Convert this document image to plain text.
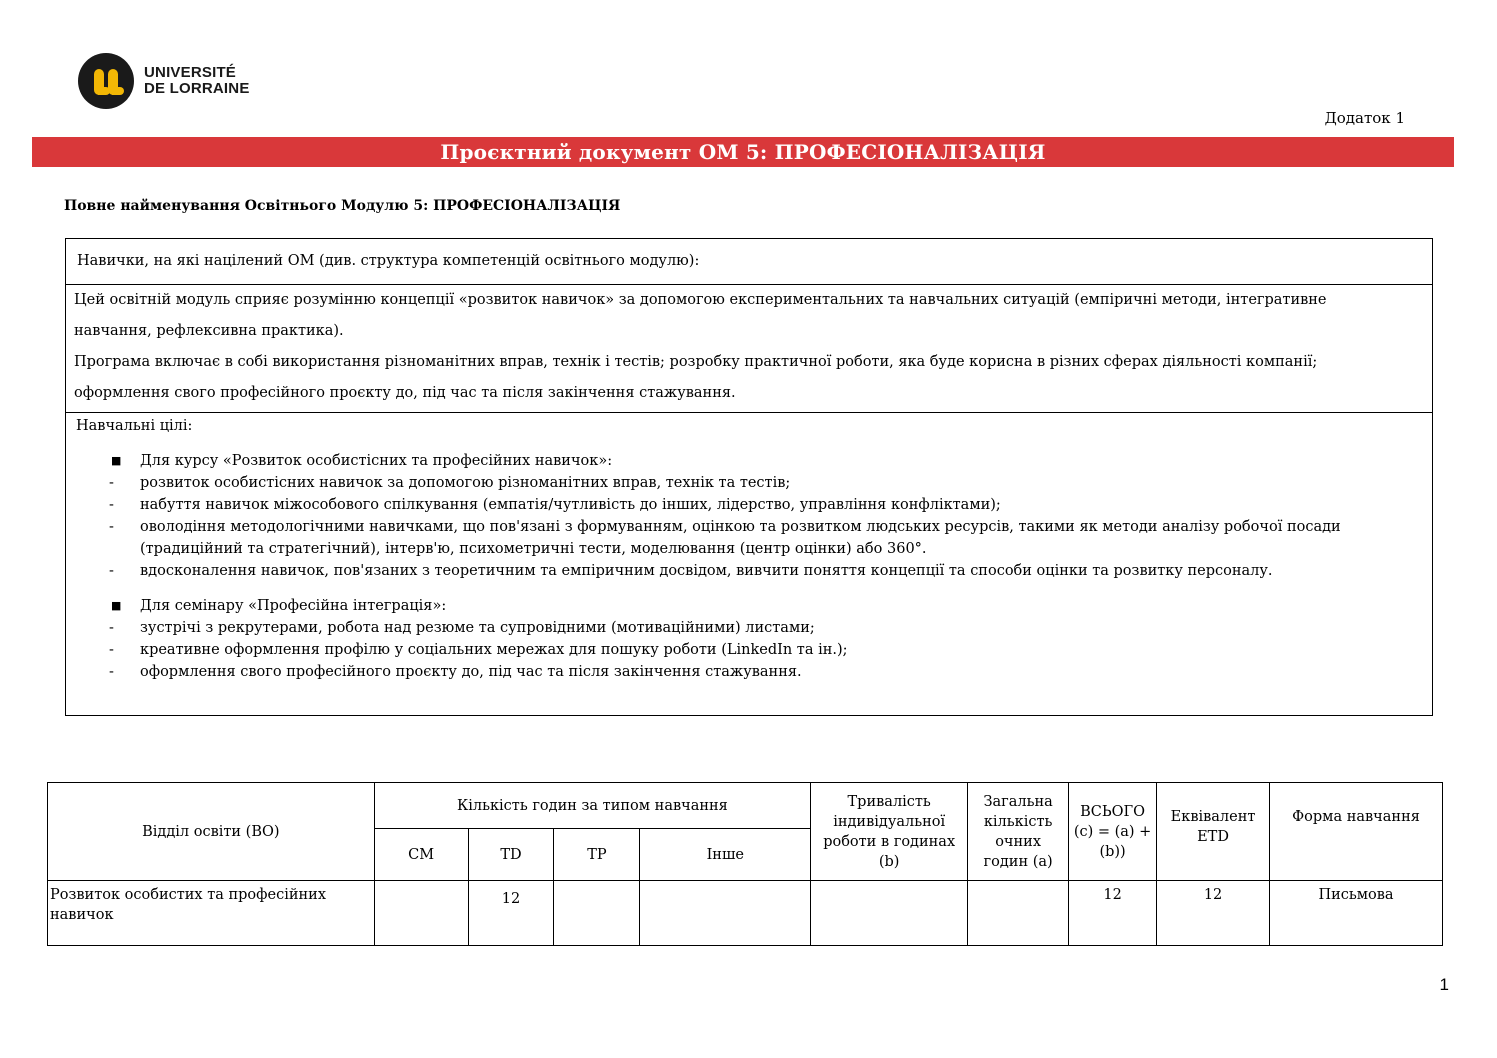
UNIVERSITÉ
DE LORRAINE
Додаток 1
Проєктний документ ОМ 5: ПРОФЕСІОНАЛІЗАЦІЯ
Повне найменування Освітнього Модулю 5: ПРОФЕСІОНАЛІЗАЦІЯ
Навички, на які націлений ОМ (див. структура компетенцій освітнього модулю):
Цей освітній модуль сприяє розумінню концепції «розвиток навичок» за допомогою експериментальних та навчальних ситуацій (емпіричні методи, інтегративне
навчання, рефлексивна практика).
Програма включає в собі використання різноманітних вправ, технік і тестів; розробку практичної роботи, яка буде корисна в різних сферах діяльності компанії;
оформлення свого професійного проєкту до, під час та після закінчення стажування.
Навчальні цілі:
■ Для курсу «Розвиток особистісних та професійних навичок»:
- розвиток особистісних навичок за допомогою різноманітних вправ, технік та тестів;
- набуття навичок міжособового спілкування (емпатія/чутливість до інших, лідерство, управління конфліктами);
- оволодіння методологічними навичками, що пов'язані з формуванням, оцінкою та розвитком людських ресурсів, такими як методи аналізу робочої посади (традиційний та стратегічний), інтерв'ю, психометричні тести, моделювання (центр оцінки) або 360°.
- вдосконалення навичок, пов'язаних з теоретичним та емпіричним досвідом, вивчити поняття концепції та способи оцінки та розвитку персоналу.
■ Для семінару «Професійна інтеграція»:
- зустрічі з рекрутерами, робота над резюме та супровідними (мотиваційними) листами;
- креативне оформлення профілю у соціальних мережах для пошуку роботи (LinkedIn та ін.);
- оформлення свого професійного проєкту до, під час та після закінчення стажування.
Відділ освіти (ВО)	Кількість годин за типом навчання				Тривалість індивідуальної роботи в годинах (b)	Загальна кількість очних годин (a)	ВСЬОГО (c) = (a) + (b))	Еквівалент ETD	Форма навчання
	CM	TD	TP	Інше					
Розвиток особистих та професійних навичок		12					12	12	Письмова
1
